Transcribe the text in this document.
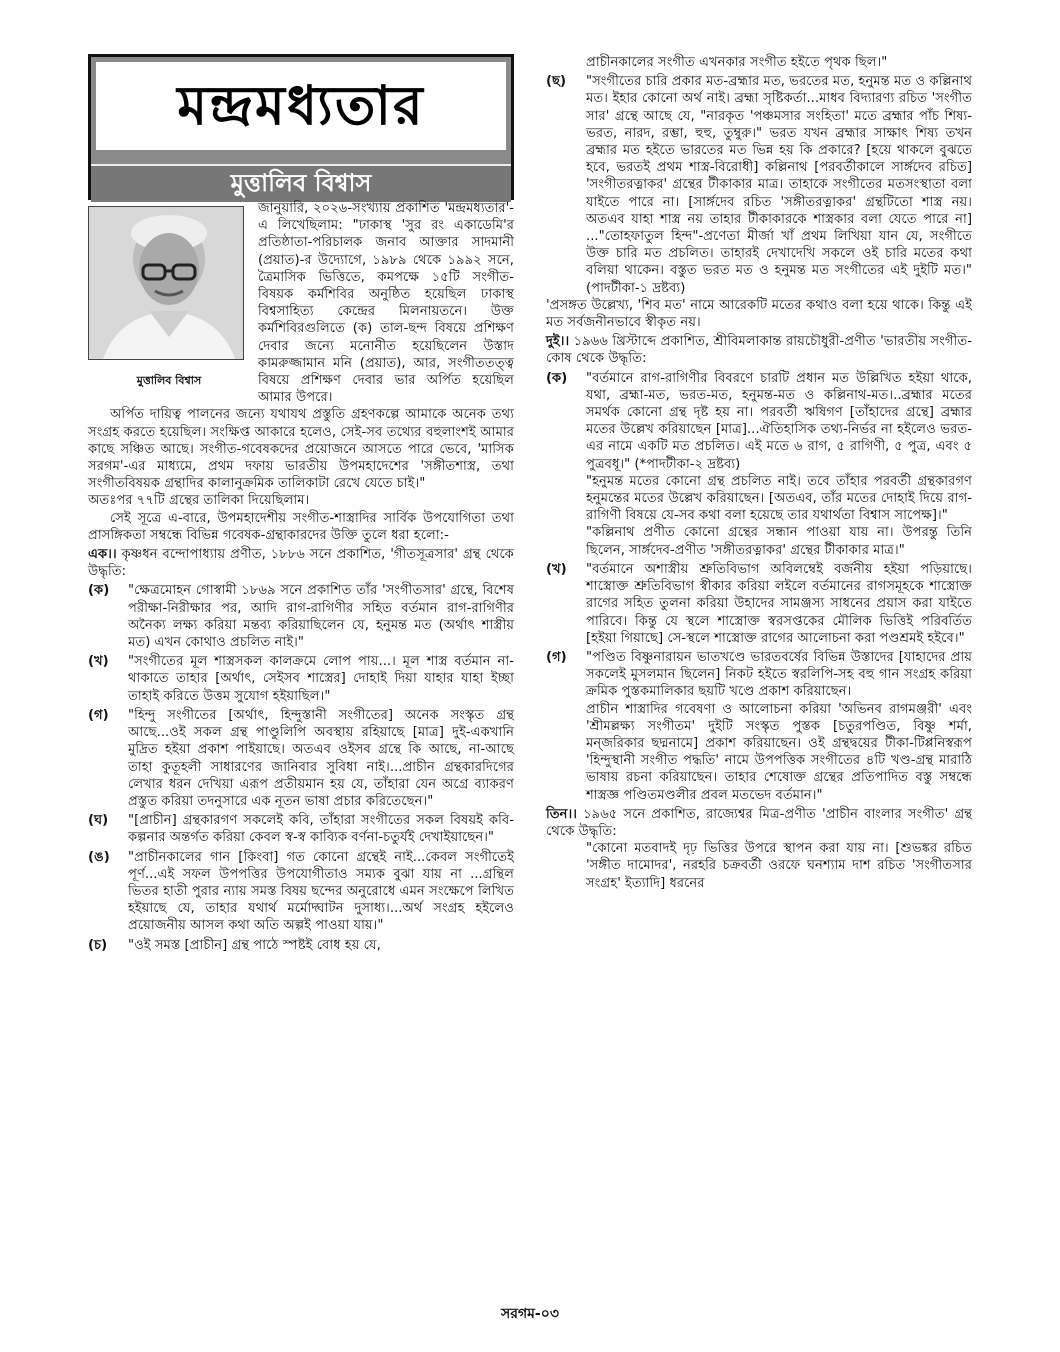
মন্দ্রমধ্যতার
মুত্তালিব বিশ্বাস
মুত্তালিব বিশ্বাস

জানুয়ারি, ২০২৬-সংখ্যায় প্রকাশিত 'মন্দ্রমধ্যতার'-এ লিখেছিলাম: "ঢাকাস্থ 'সুর রং একাডেমি'র প্রতিষ্ঠাতা-পরিচালক জনাব আক্তার সাদমানী (প্রয়াত)-র উদ্যোগে, ১৯৮৯ থেকে ১৯৯২ সনে, ত্রৈমাসিক ভিত্তিতে, কমপক্ষে ১৫টি সংগীত-বিষয়ক কর্মশিবির অনুষ্ঠিত হয়েছিল ঢাকাস্থ বিশ্বসাহিত্য কেন্দ্রের মিলনায়তনে। উক্ত কর্মশিবিরগুলিতে (ক) তাল-ছন্দ বিষয়ে প্রশিক্ষণ দেবার জন্যে মনোনীত হয়েছিলেন উস্তাদ কামরুজ্জামান মনি (প্রয়াত), আর, সংগীততত্ত্ব বিষয়ে প্রশিক্ষণ দেবার ভার অর্পিত হয়েছিল আমার উপরে।

অর্পিত দায়িত্ব পালনের জন্যে যথাযথ প্রস্তুতি গ্রহণকল্পে আমাকে অনেক তথ্য সংগ্রহ করতে হয়েছিল। সংক্ষিপ্ত আকারে হলেও, সেই-সব তথ্যের বহুলাংশই আমার কাছে সঞ্চিত আছে। সংগীত-গবেষকদের প্রয়োজনে আসতে পারে ভেবে, 'মাসিক সরগম'-এর মাধ্যমে, প্রথম দফায় ভারতীয় উপমহাদেশের 'সঙ্গীতশাস্ত্র, তথা সংগীতবিষয়ক গ্রন্থাদির কালানুক্রমিক তালিকাটা রেখে যেতে চাই।"

অতঃপর ৭৭টি গ্রন্থের তালিকা দিয়েছিলাম।

সেই সূত্রে এ-বারে, উপমহাদেশীয় সংগীত-শাস্ত্রাদির সার্বিক উপযোগিতা তথা প্রাসঙ্গিকতা সম্বন্ধে বিভিন্ন গবেষক-গ্রন্থাকারদের উক্তি তুলে ধরা হলো:-

এক।। কৃষ্ণধন বন্দোপাধ্যায় প্রণীত, ১৮৮৬ সনে প্রকাশিত, 'গীতসূত্রসার' গ্রন্থ থেকে উদ্ধৃতি:
(ক)	"ক্ষেত্রমোহন গোস্বামী ১৮৬৯ সনে প্রকাশিত তাঁর 'সংগীতসার' গ্রন্থে, বিশেষ পরীক্ষা-নিরীক্ষার পর, আদি রাগ-রাগিণীর সহিত বর্তমান রাগ-রাগিণীর অনৈক্য লক্ষ্য করিয়া মন্তব্য করিয়াছিলেন যে, হনুমন্ত মত (অর্থাৎ শাস্ত্রীয় মত) এখন কোথাও প্রচলিত নাই।"
(খ)	"সংগীতের মূল শাস্ত্রসকল কালক্রমে লোপ পায়...। মূল শাস্ত্র বর্তমান না-থাকাতে তাহার [অর্থাৎ, সেইসব শাস্ত্রের] দোহাই দিয়া যাহার যাহা ইচ্ছা তাহাই করিতে উত্তম সুযোগ হইয়াছিল।"
(গ)	"হিন্দু সংগীতের [অর্থাৎ, হিন্দুস্তানী সংগীতের] অনেক সংস্কৃত গ্রন্থ আছে...ওই সকল গ্রন্থ পাণ্ডুলিপি অবস্থায় রহিয়াছে [মাত্র] দুই-একখানি মুদ্রিত হইয়া প্রকাশ পাইয়াছে। অতএব ওইসব গ্রন্থে কি আছে, না-আছে তাহা কুতূহলী সাধারণের জানিবার সুবিধা নাই।...প্রাচীন গ্রন্থকারদিগের লেখার ধরন দেখিয়া এরূপ প্রতীয়মান হয় যে, তাঁহারা যেন অগ্রে ব্যাকরণ প্রস্তুত করিয়া তদনুসারে এক নূতন ভাষা প্রচার করিতেছেন।"
(ঘ)	"[প্রাচীন] গ্রন্থকারগণ সকলেই কবি, তাঁহারা সংগীতের সকল বিষয়ই কবি-কল্পনার অন্তর্গত করিয়া কেবল স্ব-স্ব কাব্যিক বর্ণনা-চতুর্যই দেখাইয়াছেন।"
(ঙ)	"প্রাচীনকালের গান [কিংবা] গত কোনো গ্রন্থেই নাই...কেবল সংগীতেই পূর্ণ...এই সফল উপপত্তির উপযোগীতাও সম্যক বুঝা যায় না ...গ্রন্থিল ভিতর হাতী পুরার ন্যায় সমস্ত বিষয় ছন্দের অনুরোধে এমন সংক্ষেপে লিখিত হইয়াছে যে, তাহার যথার্থ মর্মোদ্ঘাটন দুসাধ্য।...অর্থ সংগ্রহ হইলেও প্রয়োজনীয় আসল কথা অতি অল্পই পাওয়া যায়।"
(চ)	"ওই সমস্ত [প্রাচীন] গ্রন্থ পাঠে স্পষ্টই বোধ হয় যে,

প্রাচীনকালের সংগীত এখনকার সংগীত হইতে পৃথক ছিল।"

(ছ)	"সংগীতের চারি প্রকার মত-ব্রহ্মার মত, ভরতের মত, হনুমন্ত মত ও কল্লিনাথ মত। ইহার কোনো অর্থ নাই। ব্রহ্মা সৃষ্টিকর্তা...মাধব বিদ্যারণ্য রচিত 'সংগীত সার' গ্রন্থে আছে যে, "নারকৃত 'পঞ্চমসার সংহিতা' মতে ব্রহ্মার পাঁচ শিষ্য-ভরত, নারদ, রম্ভা, হুহু, তুম্বুরু।" ভরত যখন ব্রহ্মার সাক্ষাৎ শিষ্য তখন ব্রহ্মার মত হইতে ভারতের মত ভিন্ন হয় কি প্রকারে? [হয়ে থাকলে বুঝতে হবে, ভরতই প্রথম শাস্ত্র-বিরোধী] কল্লিনাথ [পরবর্তীকালে সার্ঙ্গদেব রচিত] 'সংগীতরত্নাকর' গ্রন্থের টীকাকার মাত্র। তাহাকে সংগীতের মতসংস্থাতা বলা যাইতে পারে না। [সার্ঙ্গদেব রচিত 'সঙ্গীতরত্নাকর' গ্রন্থটিতো শাস্ত্র নয়। অতএব যাহা শাস্ত্র নয় তাহার টীকাকারকে শাস্ত্রকার বলা যেতে পারে না] ..."তোহফাতুল হিন্দ"-প্রণেতা মীর্জা খাঁ প্রথম লিখিয়া যান যে, সংগীতে উক্ত চারি মত প্রচলিত। তাহারই দেখাদেখি সকলে ওই চারি মতের কথা বলিয়া থাকেন। বস্তুত ভরত মত ও হনুমন্ত মত সংগীতের এই দুইটি মত।" (পাদটীকা-১ দ্রষ্টব্য)

'প্রসঙ্গত উল্লেখ্য, 'শিব মত' নামে আরেকটি মতের কথাও বলা হয়ে থাকে। কিন্তু এই মত সর্বজনীনভাবে স্বীকৃত নয়।

দুই।। ১৯৬৬ খ্রিস্টাব্দে প্রকাশিত, শ্রীবিমলাকান্ত রায়চৌধুরী-প্রণীত 'ভারতীয় সংগীত-কোষ থেকে উদ্ধৃতি:
(ক)	"বর্তমানে রাগ-রাগিণীর বিবরণে চারটি প্রধান মত উল্লিখিত হইয়া থাকে, যথা, ব্রহ্মা-মত, ভরত-মত, হনুমন্ত-মত ও কল্লিনাথ-মত।..ব্রহ্মার মতের সমর্থক কোনো গ্রন্থ দৃষ্ট হয় না। পরবর্তী ঋষিগণ [তাঁহাদের গ্রন্থে] ব্রহ্মার মতের উল্লেখ করিয়াছেন [মাত্র]...ঐতিহাসিক তথ্য-নির্ভর না হইলেও ভরত-এর নামে একটি মত প্রচলিত। এই মতে ৬ রাগ, ৫ রাগিণী, ৫ পুত্র, এবং ৫ পুত্রবধূ।" (*পাদটীকা-২ দ্রষ্টব্য)

"হনুমন্ত মতের কোনো গ্রন্থ প্রচলিত নাই। তবে তাঁহার পরবর্তী গ্রন্থকারগণ হনুমন্তের মতের উল্লেখ করিয়াছেন। [অতএব, তাঁর মতের দোহাই দিয়ে রাগ-রাগিণী বিষয়ে যে-সব কথা বলা হয়েছে তার যথার্থতা বিশ্বাস সাপেক্ষ]।"

"কল্লিনাথ প্রণীত কোনো গ্রন্থের সন্ধান পাওয়া যায় না। উপরন্তু তিনি ছিলেন, সার্ঙ্গদেব-প্রণীত 'সঙ্গীতরত্নাকর' গ্রন্থের টীকাকার মাত্র।"

(খ)	"বর্তমানে অশাস্ত্রীয় শ্রুতিবিভাগ অবিলম্বেই বর্জনীয় হইয়া পড়িয়াছে। শাস্ত্রোক্ত শ্রুতিবিভাগ স্বীকার করিয়া লইলে বর্তমানের রাগসমূহকে শাস্ত্রোক্ত রাগের সহিত তুলনা করিয়া উহাদের সামঞ্জস্য সাধনের প্রয়াস করা যাইতে পারিবে। কিন্তু যে স্থলে শাস্ত্রোক্ত স্বরসপ্তকের মৌলিক ভিত্তিই পরিবর্তিত [হইয়া গিয়াছে] সে-স্থলে শাস্ত্রোক্ত রাগের আলোচনা করা পণ্ডশ্রমই হইবে।"
(গ)	"পণ্ডিত বিষ্ণুনারায়ন ভাতখণ্ডে ভারতবর্ষের বিভিন্ন উস্তাদের [যাহাদের প্রায় সকলেই মুসলমান ছিলেন] নিকট হইতে স্বরলিপি-সহ বহু গান সংগ্রহ করিয়া ক্রমিক পুস্তকমালিকার ছয়টি খণ্ডে প্রকাশ করিয়াছেন।

প্রাচীন শাস্ত্রাদির গবেষণা ও আলোচনা করিয়া 'অভিনব রাগমঞ্জরী' এবং 'শ্রীমল্লক্ষ্য সংগীতম' দুইটি সংস্কৃত পুস্তক [চতুরপণ্ডিত, বিষ্ণু শর্মা, মন্জরিকার ছদ্মনামে] প্রকাশ করিয়াছেন। ওই গ্রন্থদ্বয়ের টীকা-টিপ্পনিস্বরূপ 'হিন্দুস্থানী সংগীত পদ্ধতি' নামে উপপত্তিক সংগীতের ৪টি খণ্ড-গ্রন্থ মারাঠি ভাষায় রচনা করিয়াছেন। তাহার শেষোক্ত গ্রন্থের প্রতিপাদিত বস্তু সম্বন্ধে শাস্ত্রজ্ঞ পণ্ডিতমণ্ডলীর প্রবল মতভেদ বর্তমান।"

তিন।। ১৯৬৫ সনে প্রকাশিত, রাজ্যেশ্বর মিত্র-প্রণীত 'প্রাচীন বাংলার সংগীত' গ্রন্থ থেকে উদ্ধৃতি:

"কোনো মতবাদই দৃঢ় ভিত্তির উপরে স্থাপন করা যায় না। [শুভঙ্কর রচিত 'সঙ্গীত দামোদর', নরহরি চক্রবর্তী ওরফে ঘনশ্যাম দাশ রচিত 'সংগীতসার সংগ্রহ' ইত্যাদি] ধরনের

সরগম-০৩
